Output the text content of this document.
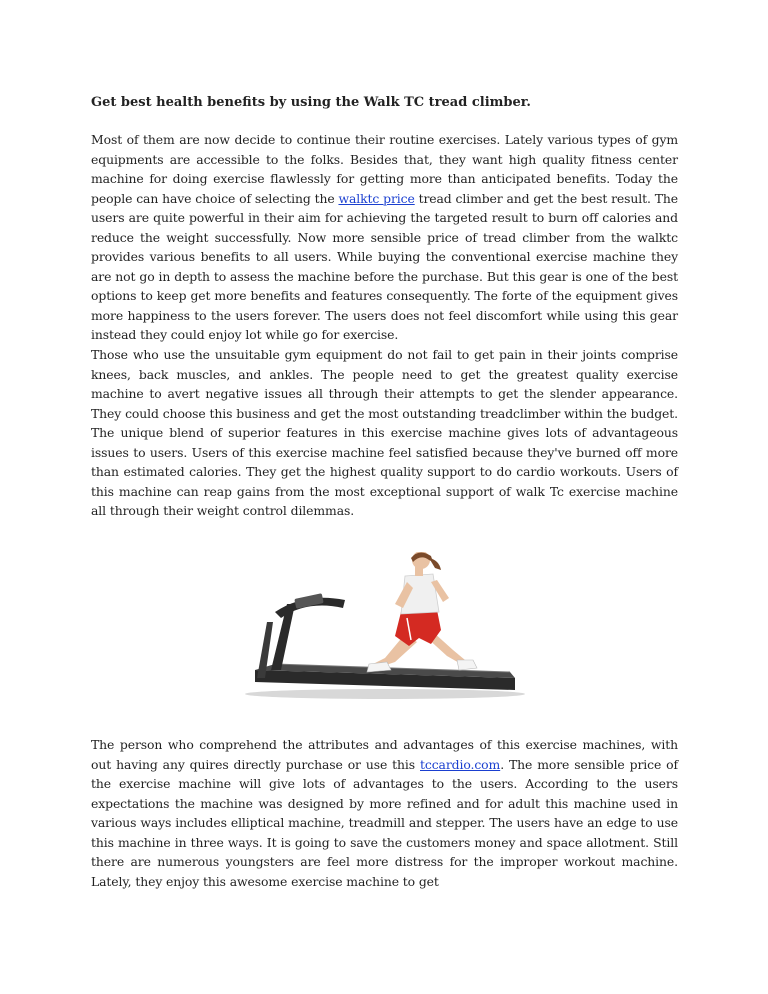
Get best health benefits by using the Walk TC tread climber.

Most of them are now decide to continue their routine exercises. Lately various types of gym equipments are accessible to the folks. Besides that, they want high quality fitness center machine for doing exercise flawlessly for getting more than anticipated benefits. Today the people can have choice of selecting the walktc price tread climber and get the best result. The users are quite powerful in their aim for achieving the targeted result to burn off calories and reduce the weight successfully. Now more sensible price of tread climber from the walktc provides various benefits to all users. While buying the conventional exercise machine they are not go in depth to assess the machine before the purchase. But this gear is one of the best options to keep get more benefits and features consequently. The forte of the equipment gives more happiness to the users forever. The users does not feel discomfort while using this gear instead they could enjoy lot while go for exercise.

Those who use the unsuitable gym equipment do not fail to get pain in their joints comprise knees, back muscles, and ankles. The people need to get the greatest quality exercise machine to avert negative issues all through their attempts to get the slender appearance. They could choose this business and get the most outstanding treadclimber within the budget. The unique blend of superior features in this exercise machine gives lots of advantageous issues to users. Users of this exercise machine feel satisfied because they've burned off more than estimated calories. They get the highest quality support to do cardio workouts. Users of this machine can reap gains from the most exceptional support of walk Tc exercise machine all through their weight control dilemmas.

The person who comprehend the attributes and advantages of this exercise machines, with out having any quires directly purchase or use this tccardio.com. The more sensible price of the exercise machine will give lots of advantages to the users. According to the users expectations the machine was designed by more refined and for adult this machine used in various ways includes elliptical machine, treadmill and stepper. The users have an edge to use this machine in three ways. It is going to save the customers money and space allotment. Still there are numerous youngsters are feel more distress for the improper workout machine. Lately, they enjoy this awesome exercise machine to get
